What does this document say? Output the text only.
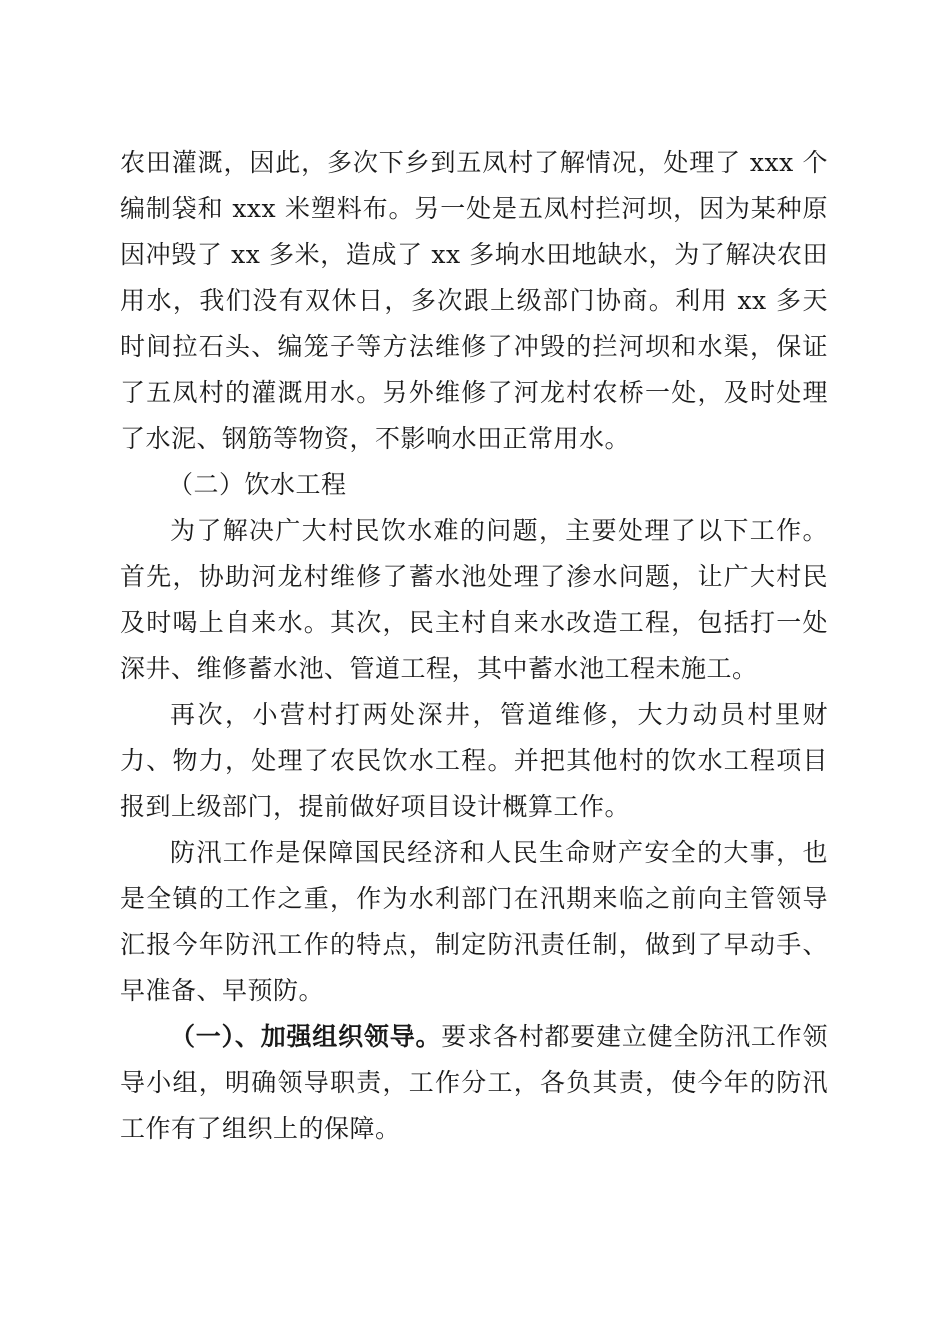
农田灌溉，因此，多次下乡到五凤村了解情况，处理了 xxx 个编制袋和 xxx 米塑料布。另一处是五凤村拦河坝，因为某种原因冲毁了 xx 多米，造成了 xx 多垧水田地缺水，为了解决农田用水，我们没有双休日，多次跟上级部门协商。利用 xx 多天时间拉石头、编笼子等方法维修了冲毁的拦河坝和水渠，保证了五凤村的灌溉用水。另外维修了河龙村农桥一处，及时处理了水泥、钢筋等物资，不影响水田正常用水。

（二）饮水工程

为了解决广大村民饮水难的问题，主要处理了以下工作。首先，协助河龙村维修了蓄水池处理了渗水问题，让广大村民及时喝上自来水。其次，民主村自来水改造工程，包括打一处深井、维修蓄水池、管道工程，其中蓄水池工程未施工。

再次，小营村打两处深井，管道维修，大力动员村里财力、物力，处理了农民饮水工程。并把其他村的饮水工程项目报到上级部门，提前做好项目设计概算工作。

防汛工作是保障国民经济和人民生命财产安全的大事，也是全镇的工作之重，作为水利部门在汛期来临之前向主管领导汇报今年防汛工作的特点，制定防汛责任制，做到了早动手、早准备、早预防。

（一）、加强组织领导。要求各村都要建立健全防汛工作领导小组，明确领导职责，工作分工，各负其责，使今年的防汛工作有了组织上的保障。
